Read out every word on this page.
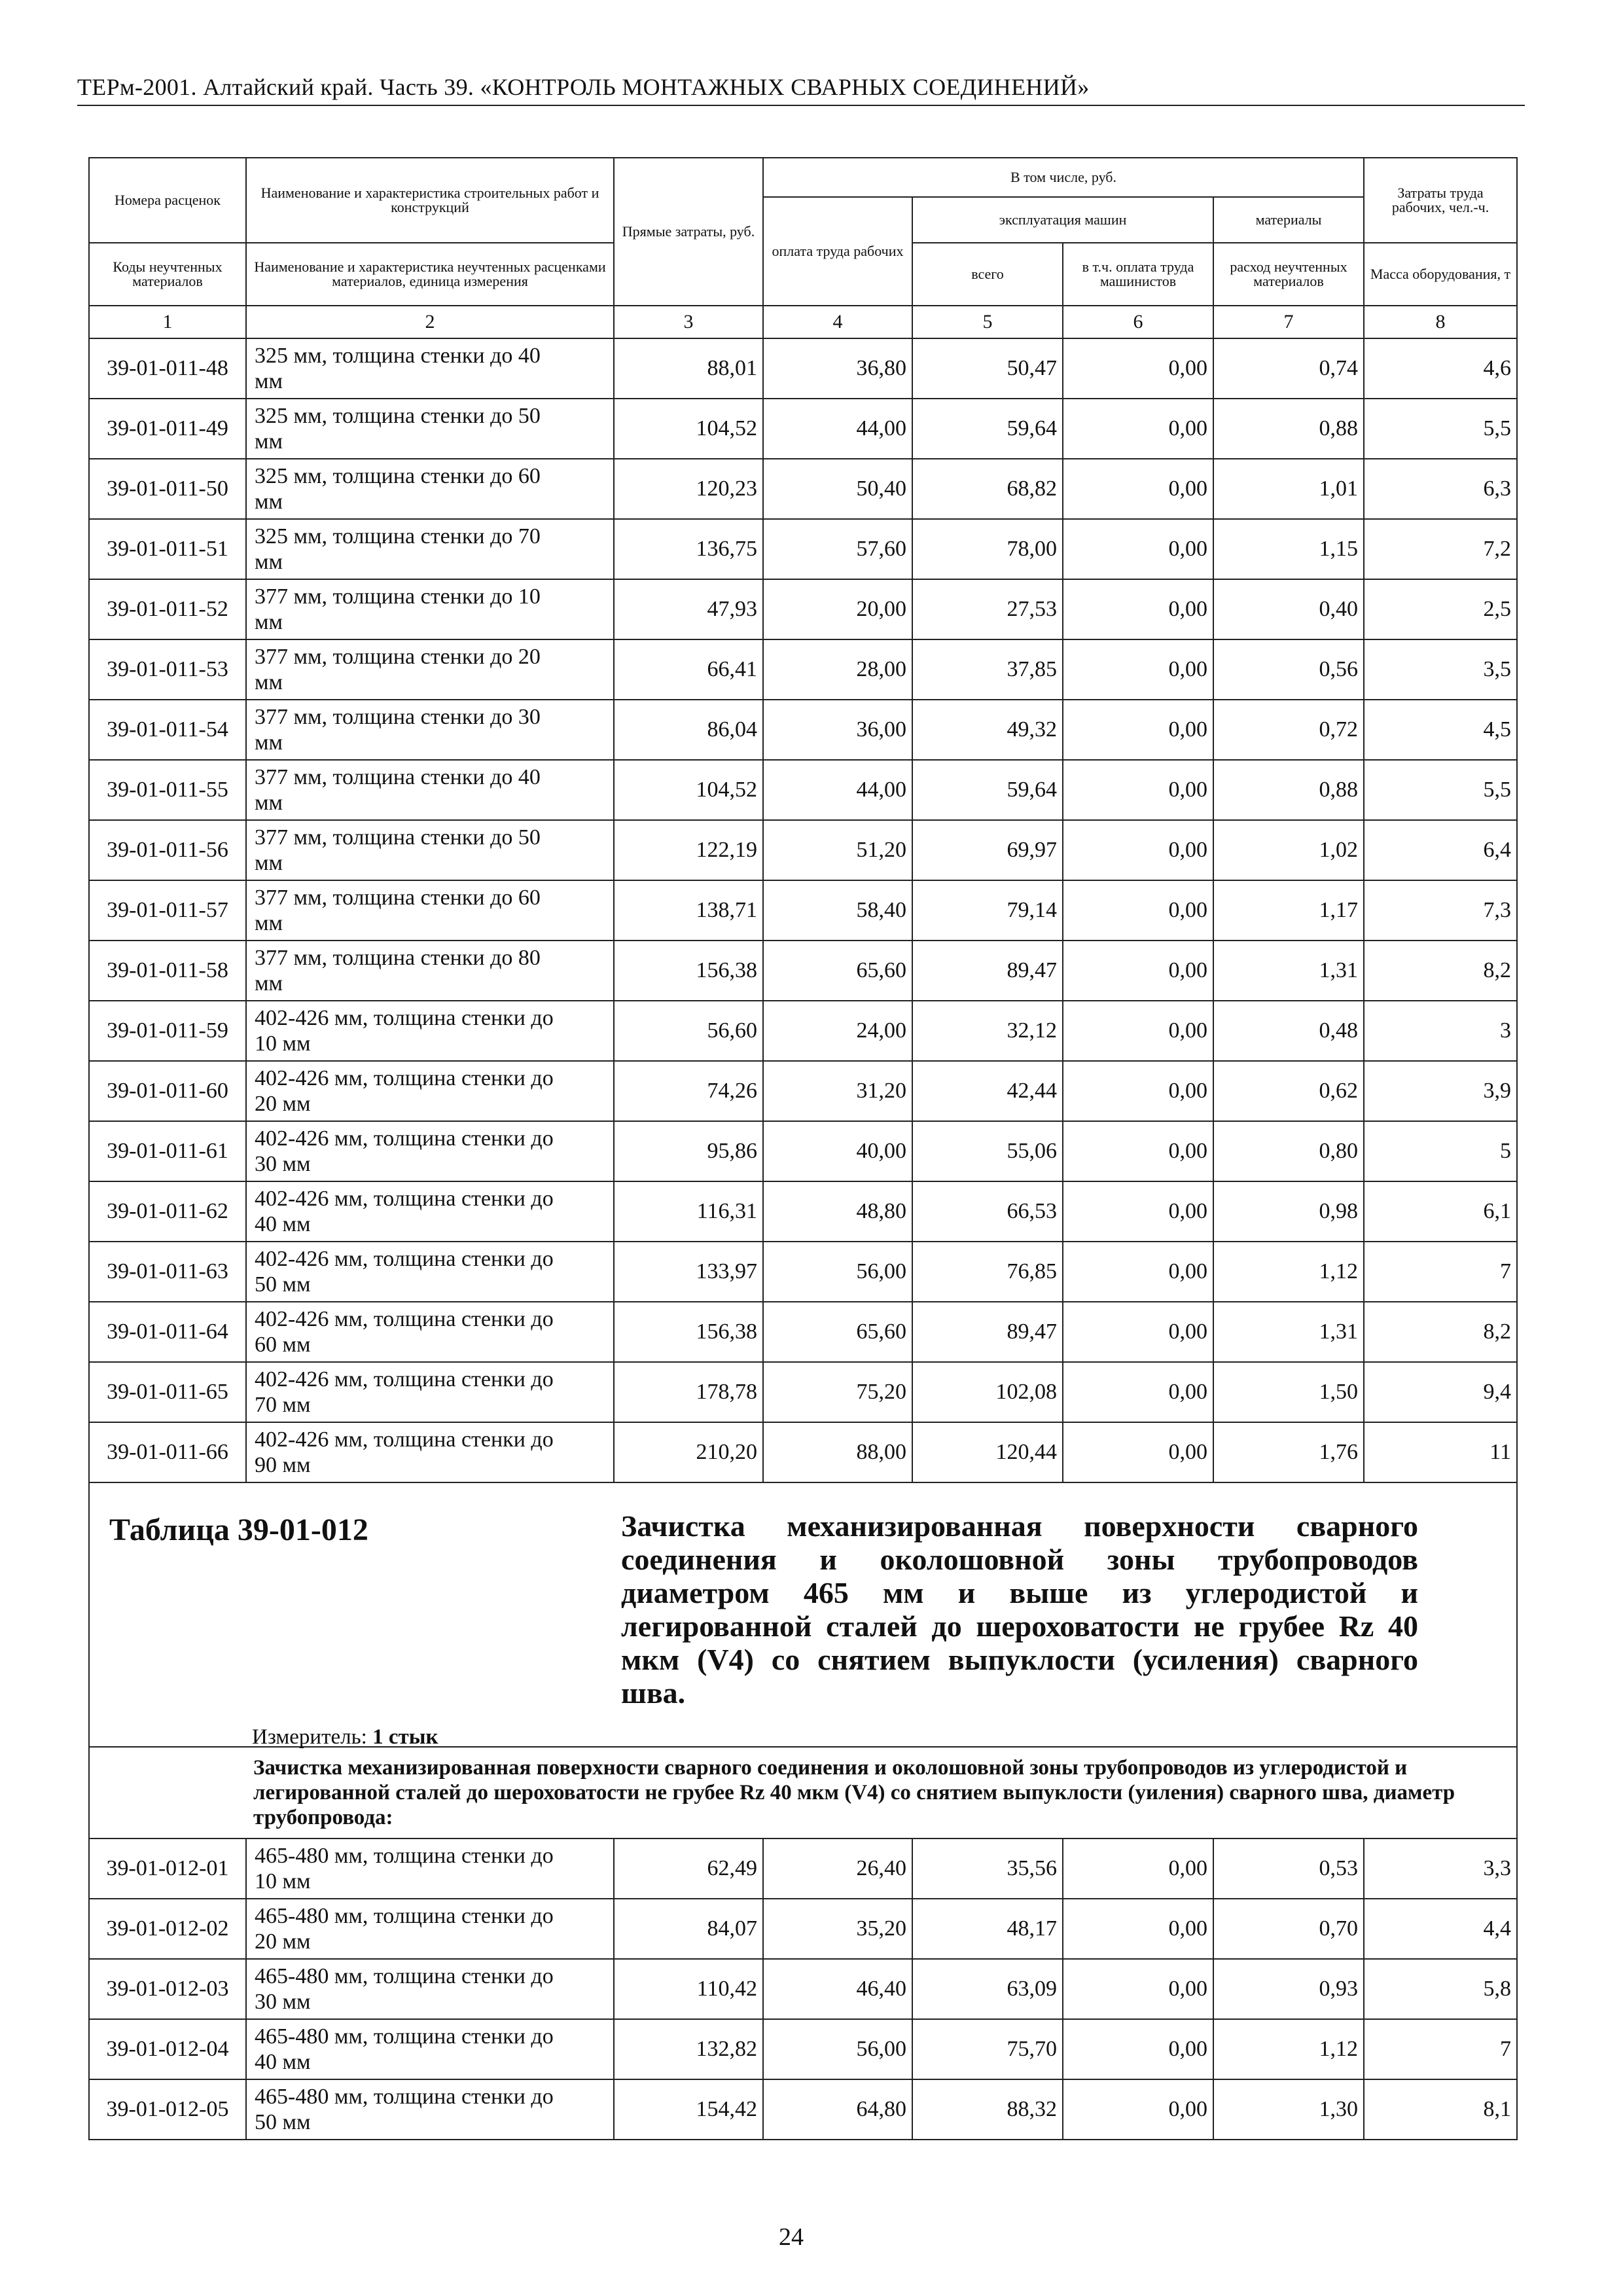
ТЕРм-2001. Алтайский край. Часть 39. «КОНТРОЛЬ МОНТАЖНЫХ СВАРНЫХ СОЕДИНЕНИЙ»
Номера расценок	Наименование и характеристика строительных работ и конструкций	Прямые затраты, руб.	В том числе, руб.				Затраты труда рабочих, чел.-ч.
			оплата труда рабочих	эксплуатация машин		материалы	
Коды неучтенных материалов	Наименование и характеристика неучтенных расценками материалов, единица измерения			всего	в т.ч. оплата труда машинистов	расход неучтенных материалов	Масса оборудования, т
1	2	3	4	5	6	7	8
39-01-011-48	325 мм, толщина стенки до 40
мм	88,01	36,80	50,47	0,00	0,74	4,6
39-01-011-49	325 мм, толщина стенки до 50
мм	104,52	44,00	59,64	0,00	0,88	5,5
39-01-011-50	325 мм, толщина стенки до 60
мм	120,23	50,40	68,82	0,00	1,01	6,3
39-01-011-51	325 мм, толщина стенки до 70
мм	136,75	57,60	78,00	0,00	1,15	7,2
39-01-011-52	377 мм, толщина стенки до 10
мм	47,93	20,00	27,53	0,00	0,40	2,5
39-01-011-53	377 мм, толщина стенки до 20
мм	66,41	28,00	37,85	0,00	0,56	3,5
39-01-011-54	377 мм, толщина стенки до 30
мм	86,04	36,00	49,32	0,00	0,72	4,5
39-01-011-55	377 мм, толщина стенки до 40
мм	104,52	44,00	59,64	0,00	0,88	5,5
39-01-011-56	377 мм, толщина стенки до 50
мм	122,19	51,20	69,97	0,00	1,02	6,4
39-01-011-57	377 мм, толщина стенки до 60
мм	138,71	58,40	79,14	0,00	1,17	7,3
39-01-011-58	377 мм, толщина стенки до 80
мм	156,38	65,60	89,47	0,00	1,31	8,2
39-01-011-59	402-426 мм, толщина стенки до
10 мм	56,60	24,00	32,12	0,00	0,48	3
39-01-011-60	402-426 мм, толщина стенки до
20 мм	74,26	31,20	42,44	0,00	0,62	3,9
39-01-011-61	402-426 мм, толщина стенки до
30 мм	95,86	40,00	55,06	0,00	0,80	5
39-01-011-62	402-426 мм, толщина стенки до
40 мм	116,31	48,80	66,53	0,00	0,98	6,1
39-01-011-63	402-426 мм, толщина стенки до
50 мм	133,97	56,00	76,85	0,00	1,12	7
39-01-011-64	402-426 мм, толщина стенки до
60 мм	156,38	65,60	89,47	0,00	1,31	8,2
39-01-011-65	402-426 мм, толщина стенки до
70 мм	178,78	75,20	102,08	0,00	1,50	9,4
39-01-011-66	402-426 мм, толщина стенки до
90 мм	210,20	88,00	120,44	0,00	1,76	11

Таблица 39-01-012 Зачистка механизированная поверхности сварного соединения и околошовной зоны трубопроводов диаметром 465 мм и выше из углеродистой и легированной сталей до шероховатости не грубее Rz 40 мкм (V4) со снятием выпуклости (усиления) сварного шва.
Измеритель: 1 стык							

Зачистка механизированная поверхности сварного соединения и околошовной зоны трубопроводов из углеродистой и легированной сталей до шероховатости не грубее Rz 40 мкм (V4) со снятием выпуклости (уиления) сварного шва, диаметр трубопровода:							
39-01-012-01	465-480 мм, толщина стенки до
10 мм	62,49	26,40	35,56	0,00	0,53	3,3
39-01-012-02	465-480 мм, толщина стенки до
20 мм	84,07	35,20	48,17	0,00	0,70	4,4
39-01-012-03	465-480 мм, толщина стенки до
30 мм	110,42	46,40	63,09	0,00	0,93	5,8
39-01-012-04	465-480 мм, толщина стенки до
40 мм	132,82	56,00	75,70	0,00	1,12	7
39-01-012-05	465-480 мм, толщина стенки до
50 мм	154,42	64,80	88,32	0,00	1,30	8,1
24
